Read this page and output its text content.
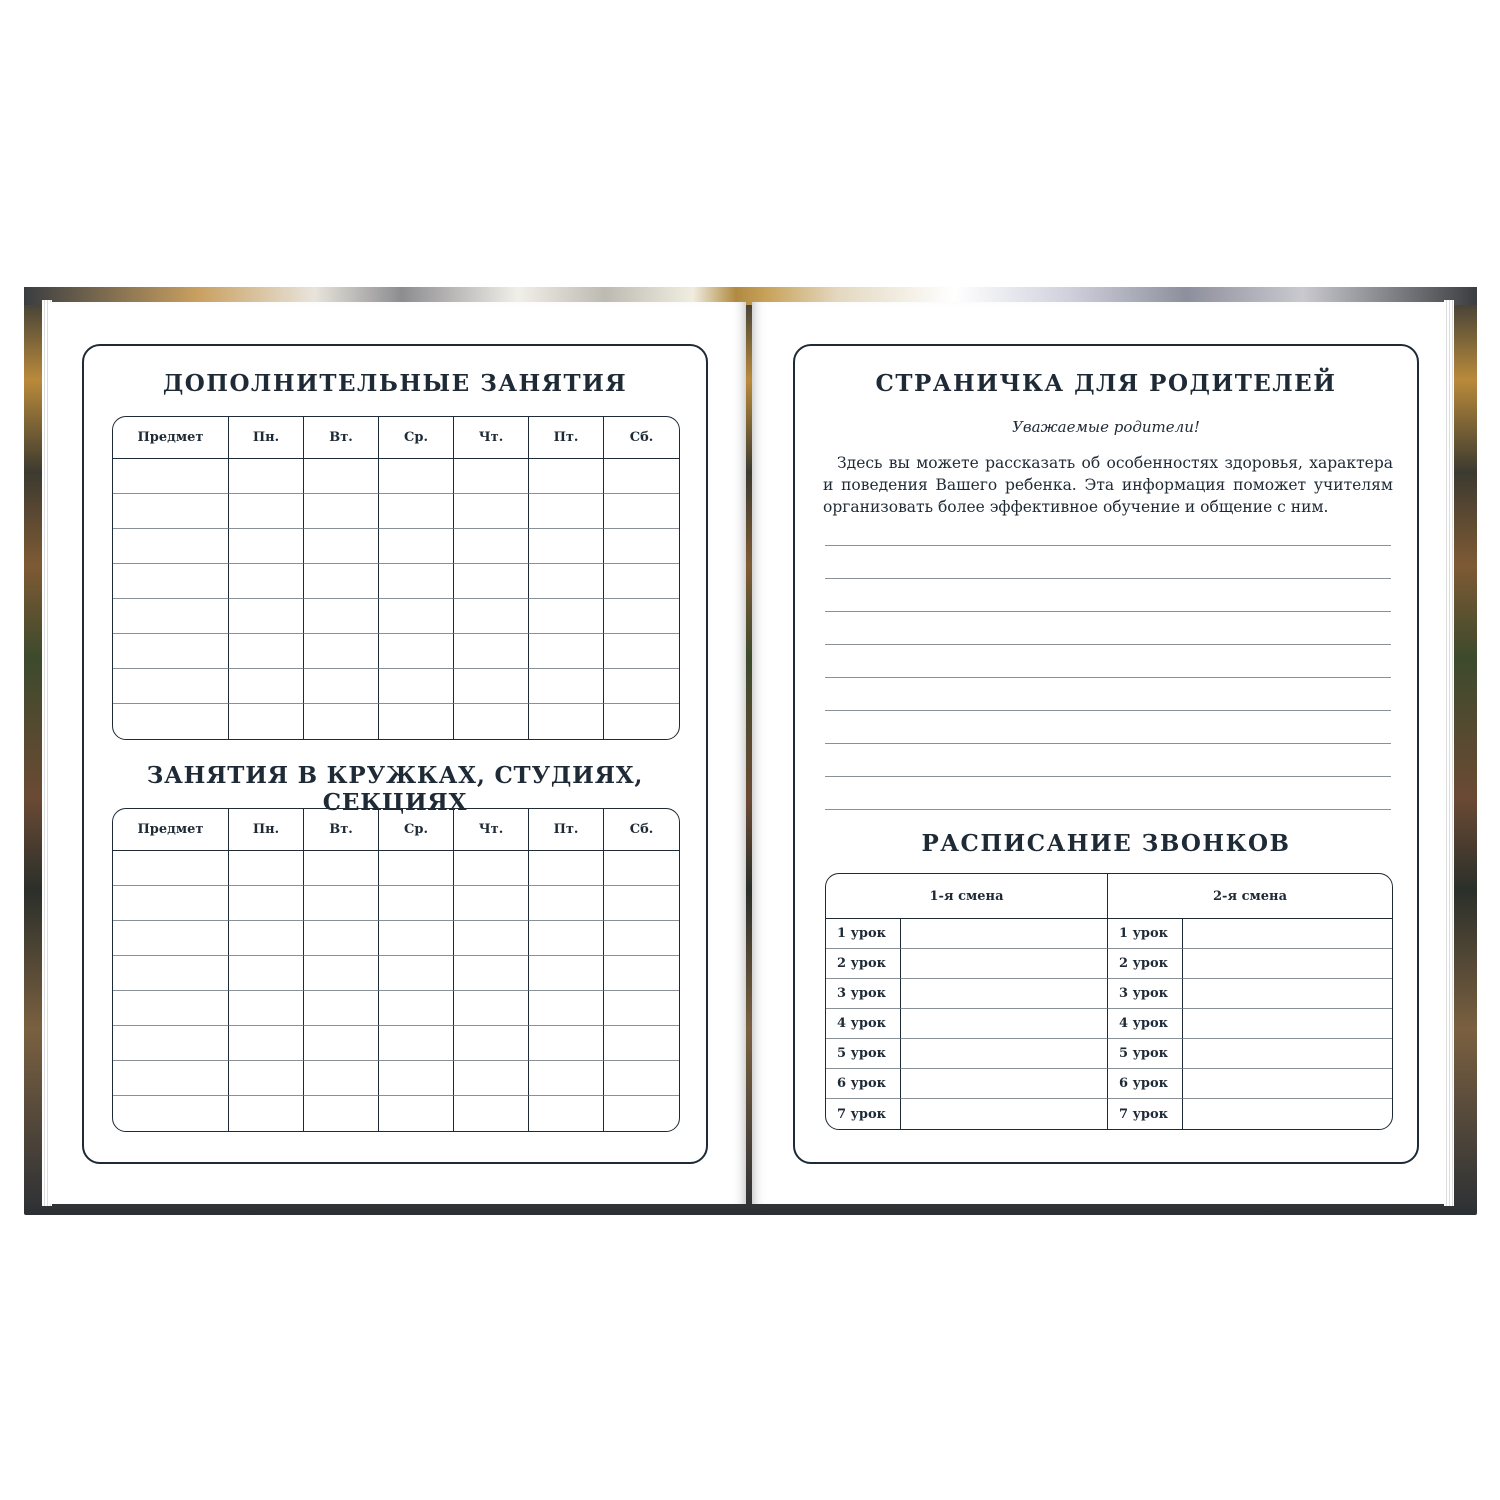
ДОПОЛНИТЕЛЬНЫЕ ЗАНЯТИЯ
Предмет	Пн.	Вт.	Ср.	Чт.	Пт.	Сб.

ЗАНЯТИЯ В КРУЖКАХ, СТУДИЯХ, СЕКЦИЯХ
Предмет	Пн.	Вт.	Ср.	Чт.	Пт.	Сб.

СТРАНИЧКА ДЛЯ РОДИТЕЛЕЙ
Уважаемые родители!
Здесь вы можете рассказать об особенностях здоровья, характера и поведения Вашего ребенка. Эта информация поможет учителям организовать более эффективное обучение и общение с ним.
РАСПИСАНИЕ ЗВОНКОВ
1-я смена		2-я смена	
1 урок		1 урок	
2 урок		2 урок	
3 урок		3 урок	
4 урок		4 урок	
5 урок		5 урок	
6 урок		6 урок	
7 урок		7 урок	
